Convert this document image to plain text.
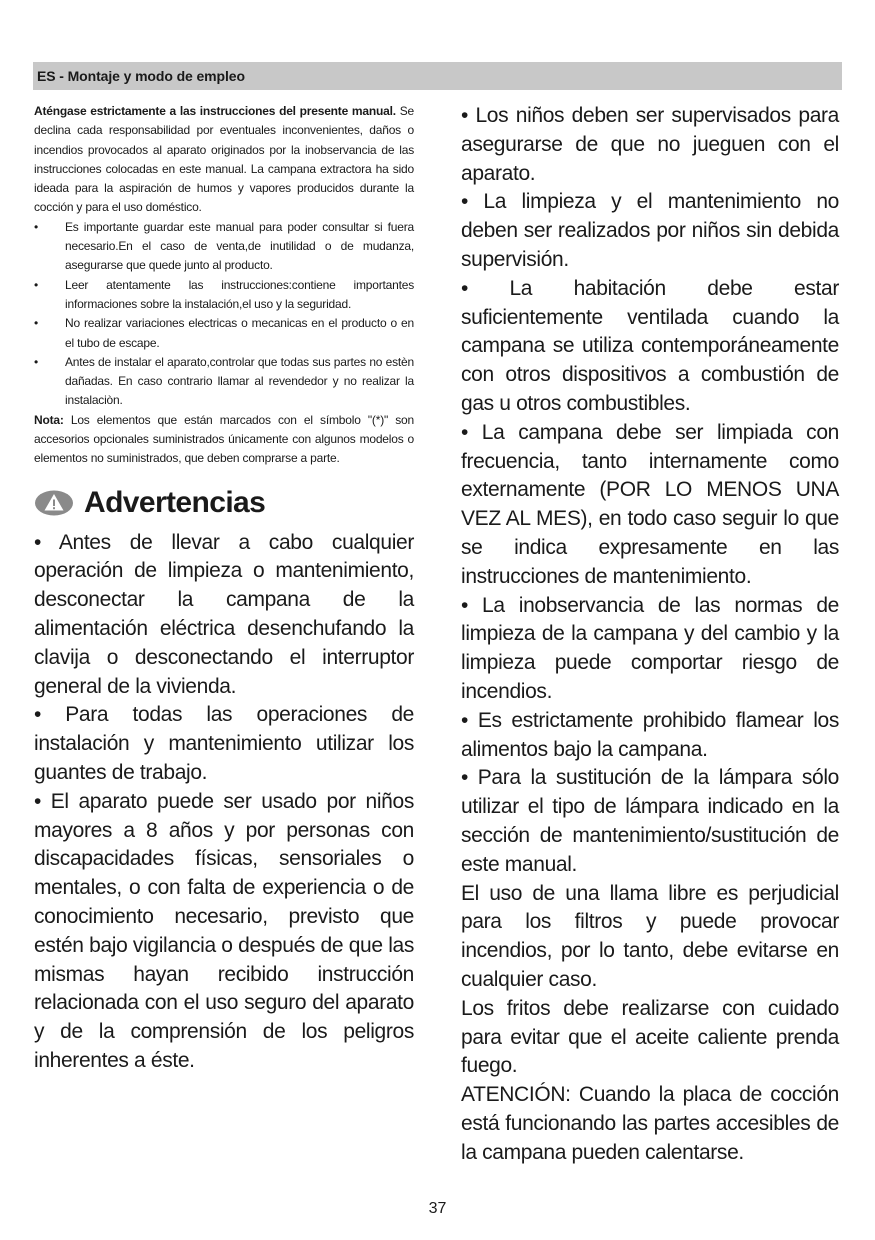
ES - Montaje y modo de empleo

Aténgase estrictamente a las instrucciones del presente manual. Se declina cada responsabilidad por eventuales inconvenientes, daños o incendios provocados al aparato originados por la inobservancia de las instrucciones colocadas en este manual. La campana extractora ha sido ideada para la aspiración de humos y vapores producidos durante la cocción y para el uso doméstico.

• Es importante guardar este manual para poder consultar si fuera necesario.En el caso de venta,de inutilidad o de mudanza, asegurarse que quede junto al producto.
• Leer atentamente las instrucciones:contiene importantes informaciones sobre la instalación,el uso y la seguridad.
• No realizar variaciones electricas o mecanicas en el producto o en el tubo de escape.
• Antes de instalar el aparato,controlar que todas sus partes no estèn dañadas. En caso contrario llamar al revendedor y no realizar la instalaciòn.

Nota: Los elementos que están marcados con el símbolo "(*)" son accesorios opcionales suministrados únicamente con algunos modelos o elementos no suministrados, que deben comprarse a parte.

Advertencias

• Antes de llevar a cabo cualquier operación de limpieza o mantenimiento, desconectar la campana de la alimentación eléctrica desenchufando la clavija o desconectando el interruptor general de la vivienda.

• Para todas las operaciones de instalación y mantenimiento utilizar los guantes de trabajo.

• El aparato puede ser usado por niños mayores a 8 años y por personas con discapacidades físicas, sensoriales o mentales, o con falta de experiencia o de conocimiento necesario, previsto que estén bajo vigilancia o después de que las mismas hayan recibido instrucción relacionada con el uso seguro del aparato y de la comprensión de los peligros inherentes a éste.

• Los niños deben ser supervisados para asegurarse de que no jueguen con el aparato.

• La limpieza y el mantenimiento no deben ser realizados por niños sin debida supervisión.

• La habitación debe estar suficientemente ventilada cuando la campana se utiliza contemporáneamente con otros dispositivos a combustión de gas u otros combustibles.

• La campana debe ser limpiada con frecuencia, tanto internamente como externamente (POR LO MENOS UNA VEZ AL MES), en todo caso seguir lo que se indica expresamente en las instrucciones de mantenimiento.

• La inobservancia de las normas de limpieza de la campana y del cambio y la limpieza puede comportar riesgo de incendios.

• Es estrictamente prohibido flamear los alimentos bajo la campana.

• Para la sustitución de la lámpara sólo utilizar el tipo de lámpara indicado en la sección de mantenimiento/sustitución de este manual.

El uso de una llama libre es perjudicial para los filtros y puede provocar incendios, por lo tanto, debe evitarse en cualquier caso.

Los fritos debe realizarse con cuidado para evitar que el aceite caliente prenda fuego.

ATENCIÓN: Cuando la placa de cocción está funcionando las partes accesibles de la campana pueden calentarse.

37
